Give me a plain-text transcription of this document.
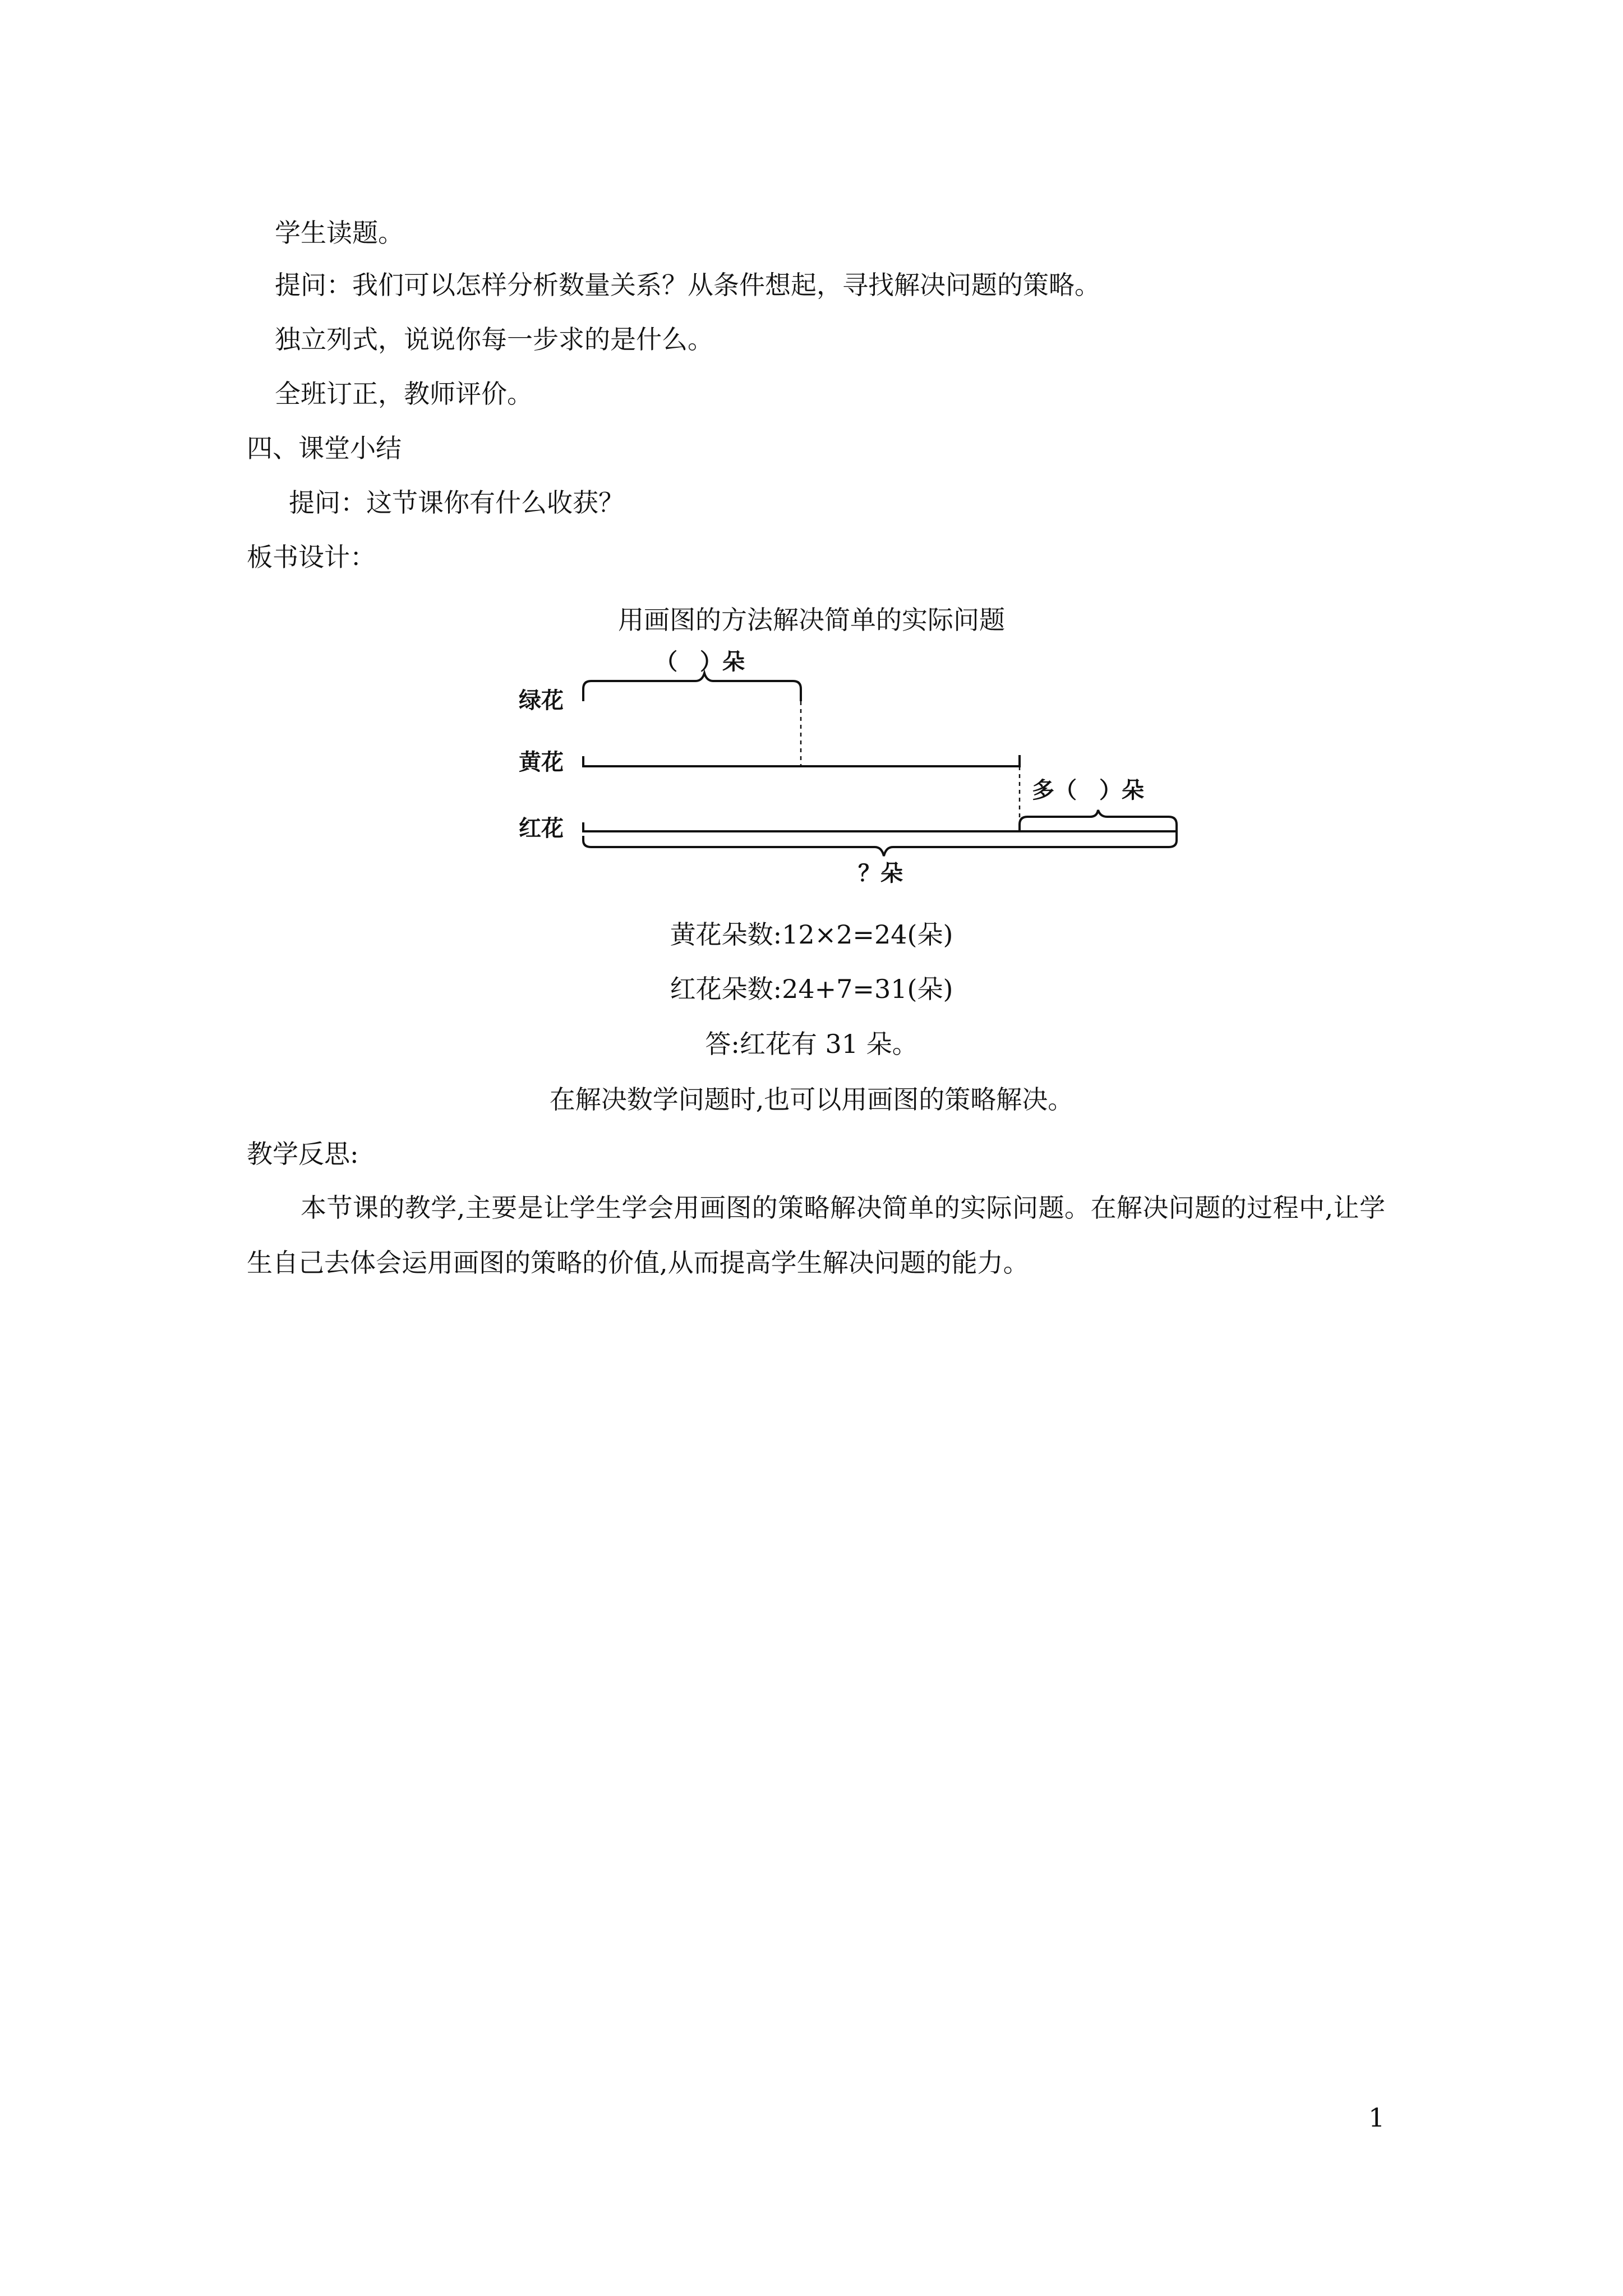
学生读题。
提问：我们可以怎样分析数量关系？从条件想起，寻找解决问题的策略。
独立列式，说说你每一步求的是什么。
全班订正，教师评价。
四、课堂小结
提问：这节课你有什么收获？
板书设计：
用画图的方法解决简单的实际问题
绿花
黄花
红花
（　）朵
多（　）朵
？朵
黄花朵数:12×2=24(朵)
红花朵数:24+7=31(朵)
答:红花有 31 朵。
在解决数学问题时,也可以用画图的策略解决。
教学反思:
本节课的教学,主要是让学生学会用画图的策略解决简单的实际问题。在解决问题的过程中,让学生自己去体会运用画图的策略的价值,从而提高学生解决问题的能力。
1
